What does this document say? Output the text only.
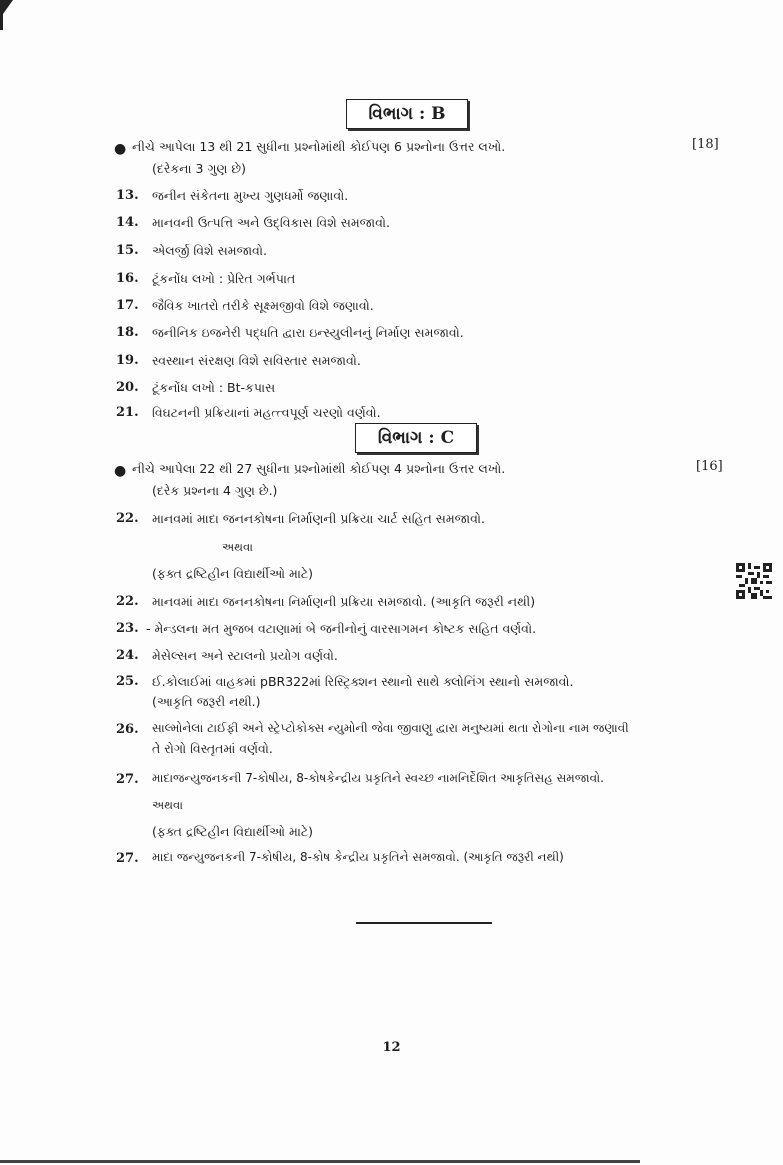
વિભાગ : B
● નીચે આપેલા 13 થી 21 સુધીના પ્રશ્નોમાંથી કોઈપણ 6 પ્રશ્નોના ઉત્તર લખો.	[18]
(દરેકના 3 ગુણ છે)
13. જનીન સંકેતના મુખ્ય ગુણધર્મો જણાવો.
14. માનવની ઉત્પત્તિ અને ઉદ્‌વિકાસ વિશે સમજાવો.
15. એલર્જી વિશે સમજાવો.
16. ટૂંકનોંધ લખો : પ્રેરિત ગર્ભપાત
17. જૈવિક ખાતરો તરીકે સૂક્ષ્મજીવો વિશે જણાવો.
18. જનીનિક ઇજનેરી પદ્ધતિ દ્વારા ઇન્સ્યુલીનનું નિર્માણ સમજાવો.
19. સ્વસ્થાન સંરક્ષણ વિશે સવિસ્તાર સમજાવો.
20. ટૂંકનોંધ લખો : Bt-કપાસ
21. વિઘટનની પ્રક્રિયાનાં મહત્ત્વપૂર્ણ ચરણો વર્ણવો.
વિભાગ : C
● નીચે આપેલા 22 થી 27 સુધીના પ્રશ્નોમાંથી કોઈપણ 4 પ્રશ્નોના ઉત્તર લખો.	[16]
(દરેક પ્રશ્નના 4 ગુણ છે.)
22. માનવમાં માદા જનનકોષના નિર્માણની પ્રક્રિયા ચાર્ટ સહિત સમજાવો.
અથવા
(ફક્ત દ્રષ્ટિહીન વિદ્યાર્થીઓ માટે)
22. માનવમાં માદા જનનકોષના નિર્માણની પ્રક્રિયા સમજાવો. (આકૃતિ જરૂરી નથી)
23. - મેન્ડલના મત મુજબ વટાણામાં બે જનીનોનું વારસાગમન કોષ્ટક સહિત વર્ણવો.
24. મેસેલ્સન અને સ્ટાલનો પ્રયોગ વર્ણવો.
25. ઈ.કોલાઈમાં વાહકમાં pBR322માં રિસ્ટ્રિક્શન સ્થાનો સાથે ક્લોનિંગ સ્થાનો સમજાવો.
(આકૃતિ જરૂરી નથી.)
26. સાલ્મોનેલા ટાઈફી અને સ્ટ્રેપ્ટોકોક્સ ન્યુમોની જેવા જીવાણુ દ્વારા મનુષ્યમાં થતા રોગોના નામ જણાવી
તે રોગો વિસ્તૃતમાં વર્ણવો.
27. માદાજન્યુજનકની 7-કોષીય, 8-કોષકેન્દ્રીય પ્રકૃતિને સ્વચ્છ નામનિર્દેશિત આકૃતિસહ સમજાવો.
અથવા
(ફક્ત દ્રષ્ટિહીન વિદ્યાર્થીઓ માટે)
27. માદા જન્યુજનકની 7-કોષીય, 8-કોષ કેન્દ્રીય પ્રકૃતિને સમજાવો. (આકૃતિ જરૂરી નથી)
12
